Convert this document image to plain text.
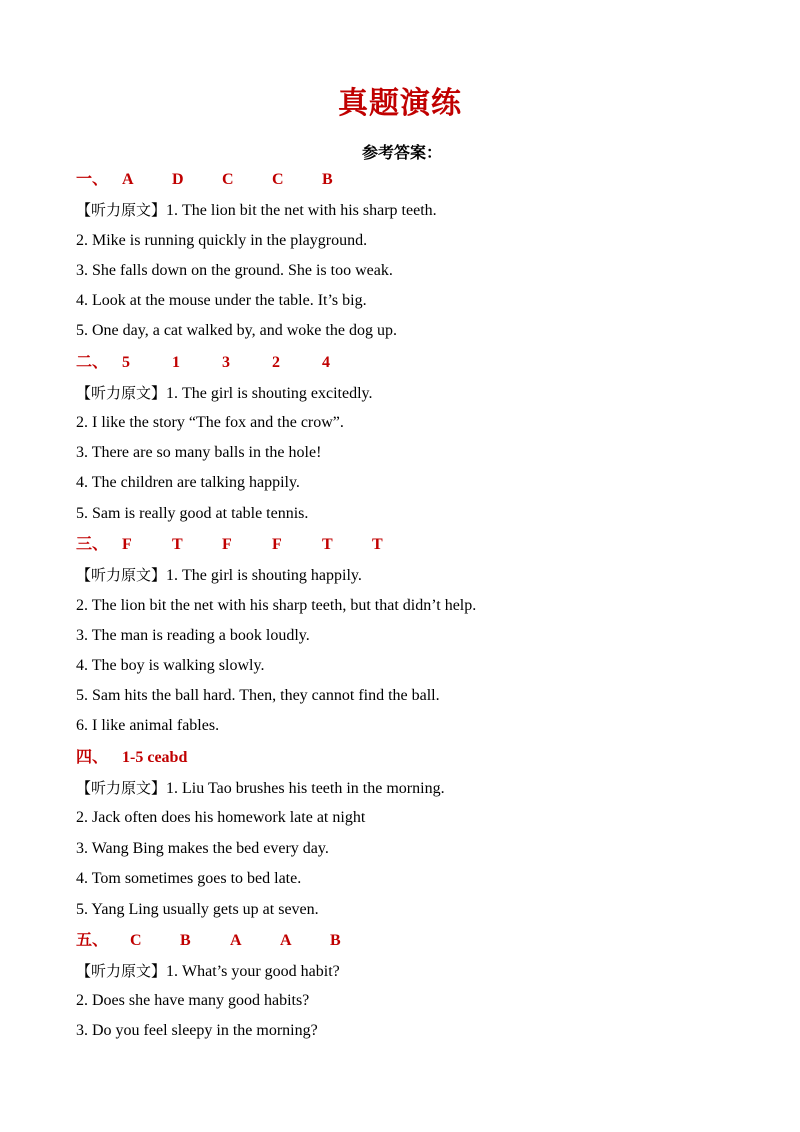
真题演练
参考答案：
一、 A D C C B
【听力原文】1. The lion bit the net with his sharp teeth.
2. Mike is running quickly in the playground.
3. She falls down on the ground. She is too weak.
4. Look at the mouse under the table. It’s big.
5. One day, a cat walked by, and woke the dog up.
二、 5	1	3	2	4
【听力原文】1. The girl is shouting excitedly.
2. I like the story “The fox and the crow”.
3. There are so many balls in the hole!
4. The children are talking happily.
5. Sam is really good at table tennis.
三、 F	T F	F	T T
【听力原文】1. The girl is shouting happily.
2. The lion bit the net with his sharp teeth, but that didn’t help.
3. The man is reading a book loudly.
4. The boy is walking slowly.
5. Sam hits the ball hard. Then, they cannot find the ball.
6. I like animal fables.
四、 1-5 ceabd
【听力原文】1. Liu Tao brushes his teeth in the morning.
2. Jack often does his homework late at night
3. Wang Bing makes the bed every day.
4. Tom sometimes goes to bed late.
5. Yang Ling usually gets up at seven.
五、 C B A A B
【听力原文】1. What’s your good habit?
2. Does she have many good habits?
3. Do you feel sleepy in the morning?
